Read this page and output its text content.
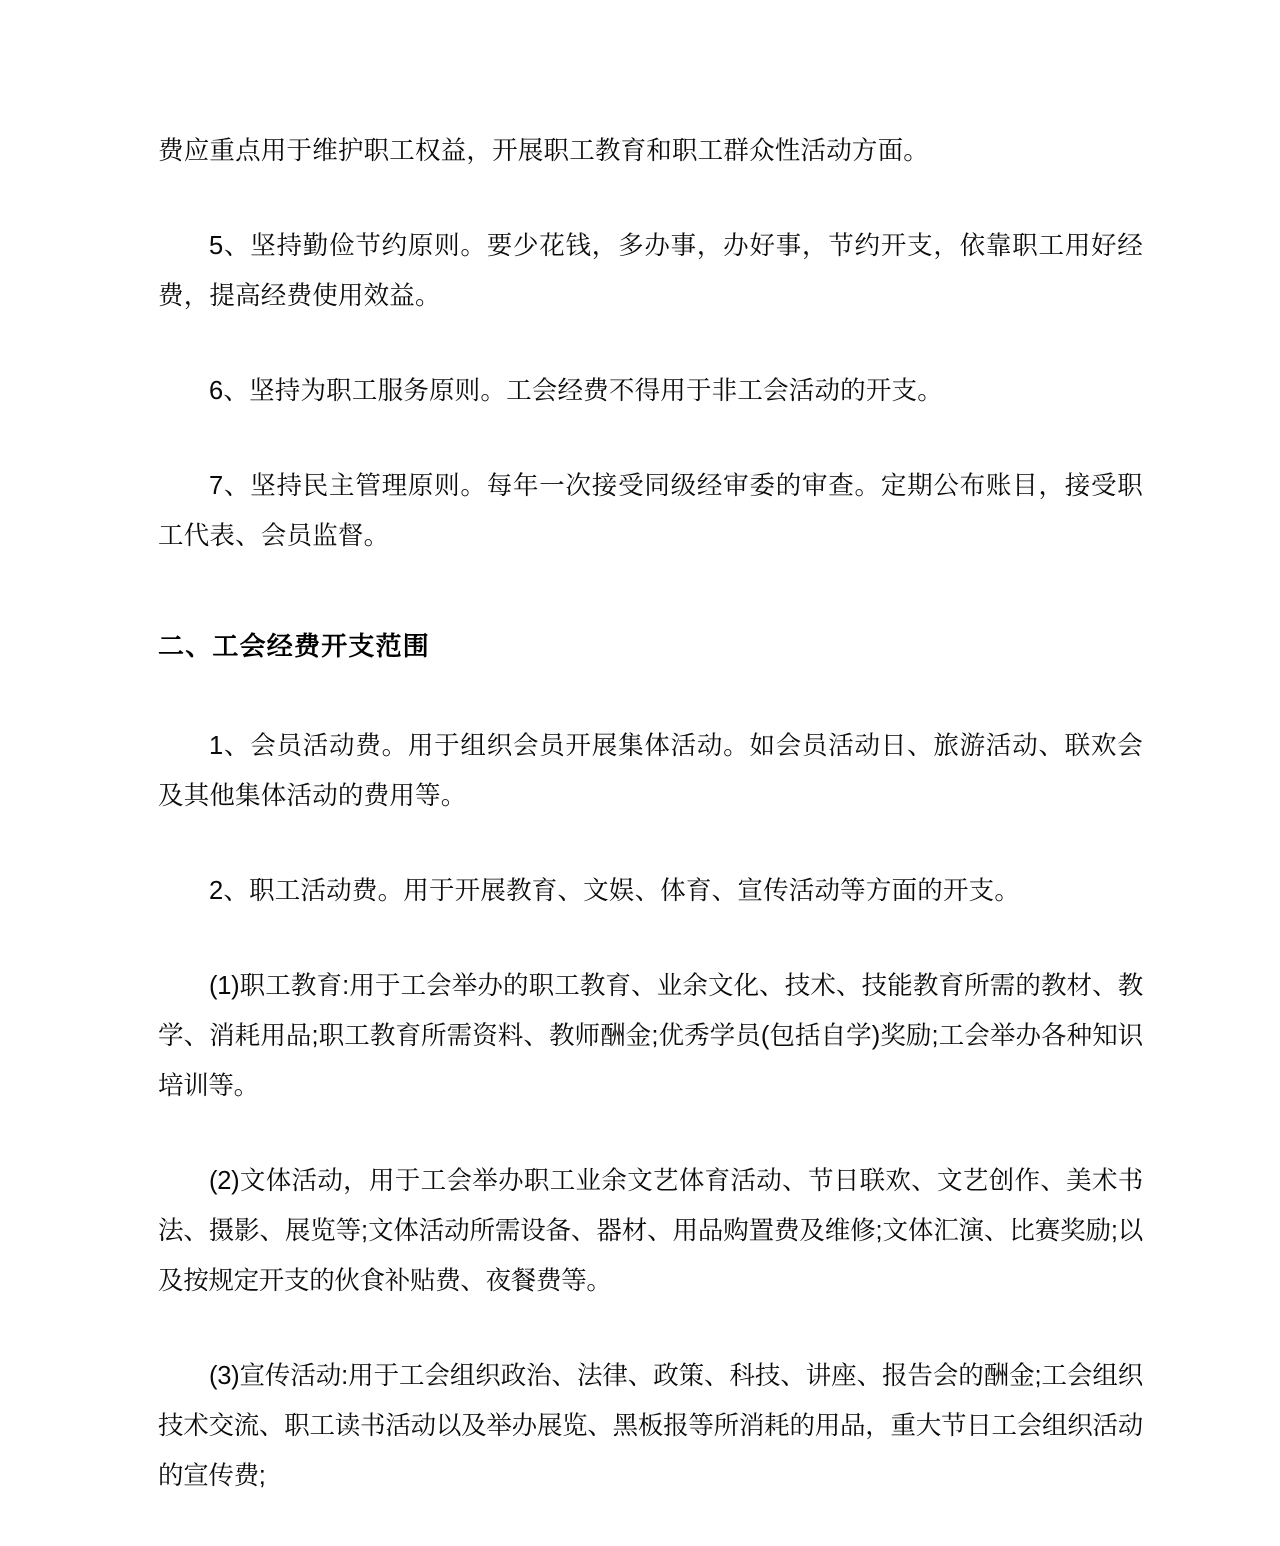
费应重点用于维护职工权益，开展职工教育和职工群众性活动方面。

5、坚持勤俭节约原则。要少花钱，多办事，办好事，节约开支，依靠职工用好经费，提高经费使用效益。

6、坚持为职工服务原则。工会经费不得用于非工会活动的开支。

7、坚持民主管理原则。每年一次接受同级经审委的审查。定期公布账目，接受职工代表、会员监督。

二、工会经费开支范围

1、会员活动费。用于组织会员开展集体活动。如会员活动日、旅游活动、联欢会及其他集体活动的费用等。

2、职工活动费。用于开展教育、文娱、体育、宣传活动等方面的开支。

(1)职工教育:用于工会举办的职工教育、业余文化、技术、技能教育所需的教材、教学、消耗用品;职工教育所需资料、教师酬金;优秀学员(包括自学)奖励;工会举办各种知识培训等。

(2)文体活动，用于工会举办职工业余文艺体育活动、节日联欢、文艺创作、美术书法、摄影、展览等;文体活动所需设备、器材、用品购置费及维修;文体汇演、比赛奖励;以及按规定开支的伙食补贴费、夜餐费等。

(3)宣传活动:用于工会组织政治、法律、政策、科技、讲座、报告会的酬金;工会组织技术交流、职工读书活动以及举办展览、黑板报等所消耗的用品，重大节日工会组织活动的宣传费;
